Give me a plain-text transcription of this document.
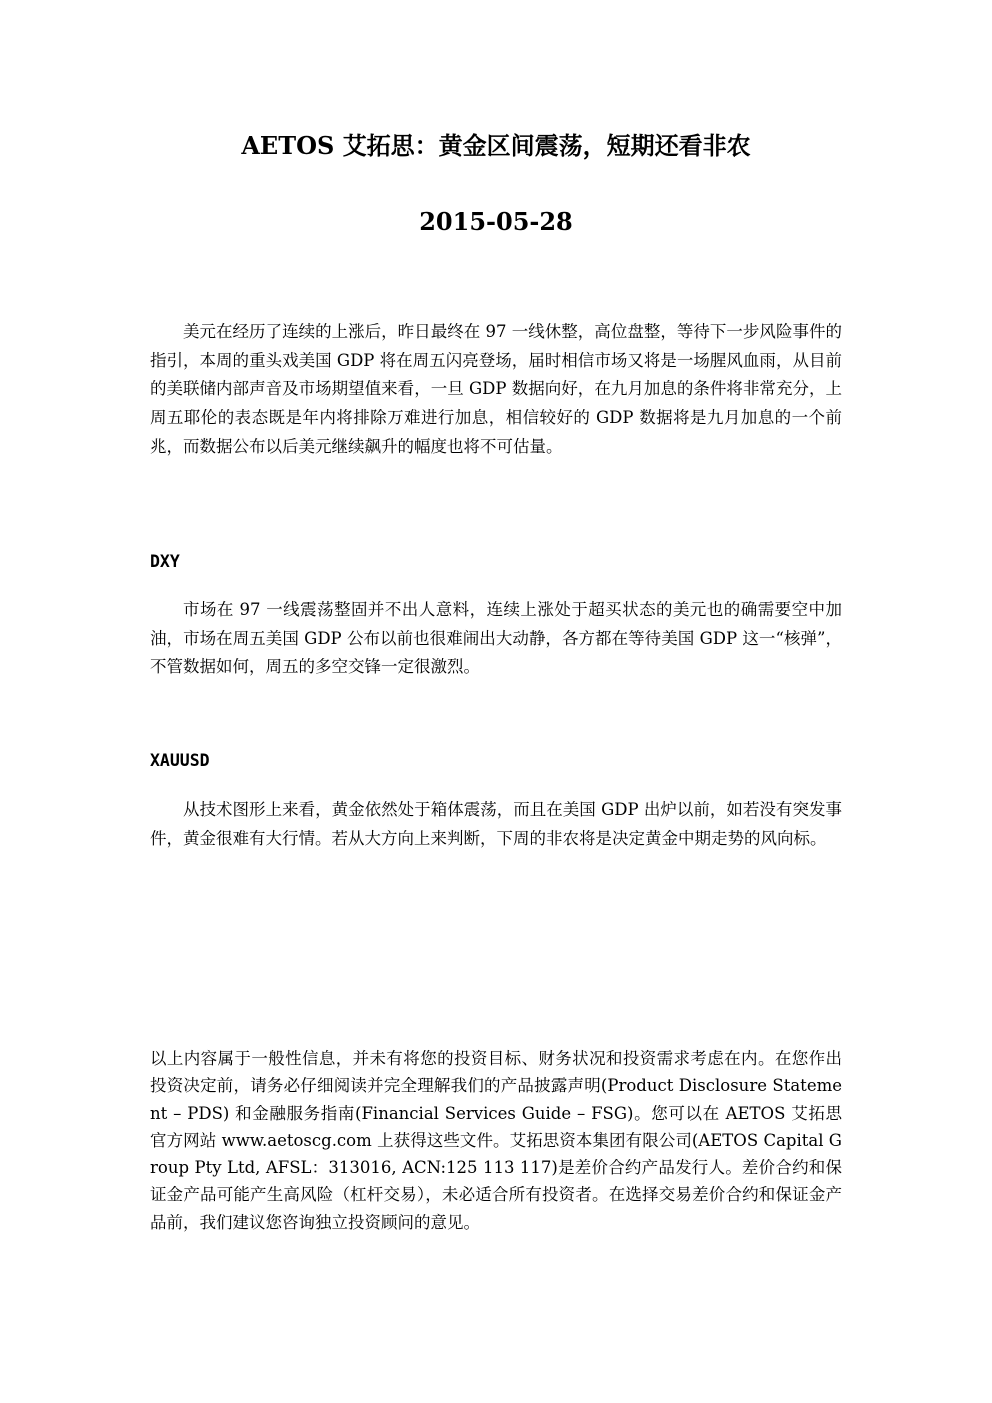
AETOS 艾拓思：黄金区间震荡，短期还看非农
2015-05-28

美元在经历了连续的上涨后，昨日最终在 97 一线休整，高位盘整，等待下一步风险事件的指引，本周的重头戏美国 GDP 将在周五闪亮登场，届时相信市场又将是一场腥风血雨，从目前的美联储内部声音及市场期望值来看，一旦 GDP 数据向好，在九月加息的条件将非常充分，上周五耶伦的表态既是年内将排除万难进行加息，相信较好的 GDP 数据将是九月加息的一个前兆，而数据公布以后美元继续飙升的幅度也将不可估量。

DXY

市场在 97 一线震荡整固并不出人意料，连续上涨处于超买状态的美元也的确需要空中加油，市场在周五美国 GDP 公布以前也很难闹出大动静，各方都在等待美国 GDP 这一“核弹”，不管数据如何，周五的多空交锋一定很激烈。

XAUUSD

从技术图形上来看，黄金依然处于箱体震荡，而且在美国 GDP 出炉以前，如若没有突发事件，黄金很难有大行情。若从大方向上来判断，下周的非农将是决定黄金中期走势的风向标。

以上内容属于一般性信息，并未有将您的投资目标、财务状况和投资需求考虑在内。在您作出投资决定前，请务必仔细阅读并完全理解我们的产品披露声明(Product Disclosure Statement – PDS) 和金融服务指南(Financial Services Guide – FSG)。您可以在 AETOS 艾拓思官方网站 www.aetoscg.com 上获得这些文件。艾拓思资本集团有限公司(AETOS Capital Group Pty Ltd, AFSL：313016, ACN:125 113 117)是差价合约产品发行人。差价合约和保证金产品可能产生高风险（杠杆交易），未必适合所有投资者。在选择交易差价合约和保证金产品前，我们建议您咨询独立投资顾问的意见。
